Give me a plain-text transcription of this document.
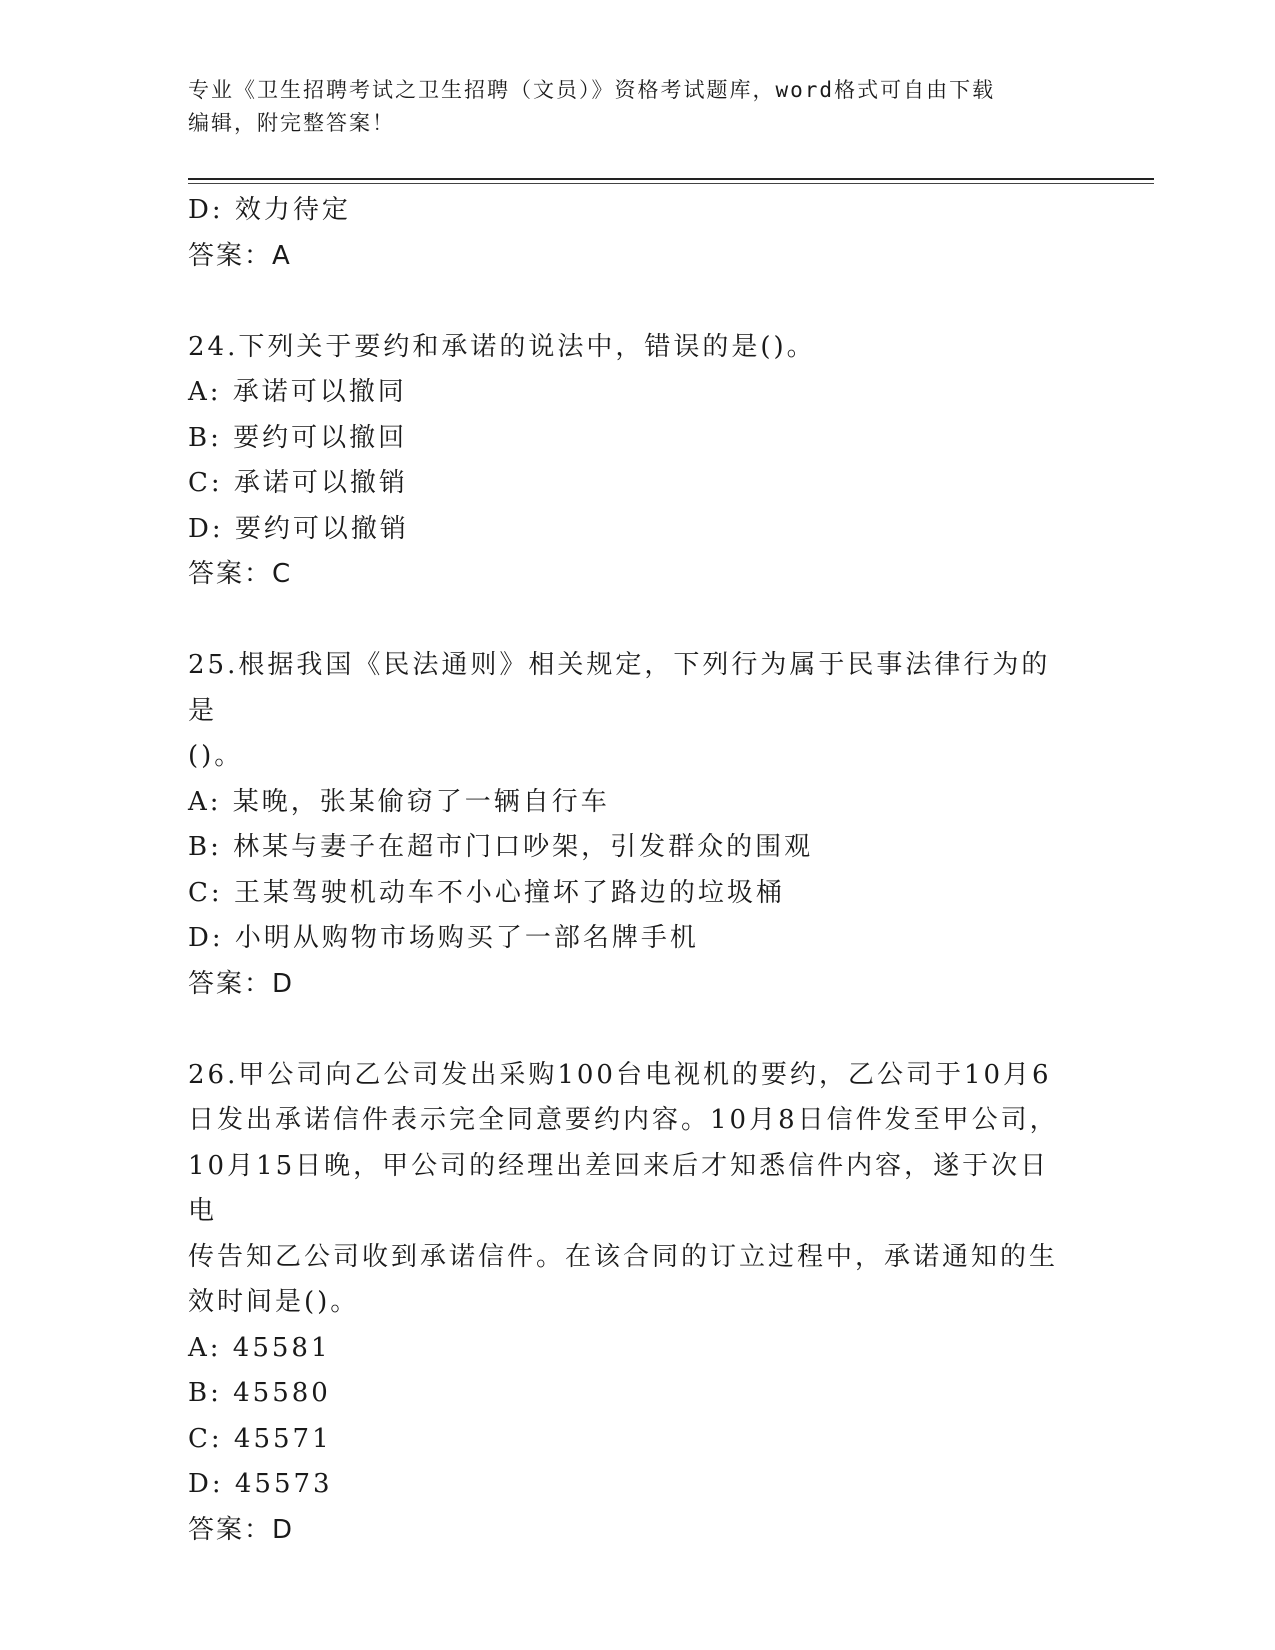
专业《卫生招聘考试之卫生招聘（文员）》资格考试题库，word格式可自由下载
编辑，附完整答案！
D: 效力待定
答案：A
24.下列关于要约和承诺的说法中，错误的是()。
A: 承诺可以撤同
B: 要约可以撤回
C: 承诺可以撤销
D: 要约可以撤销
答案：C
25.根据我国《民法通则》相关规定，下列行为属于民事法律行为的是
()。
A: 某晚，张某偷窃了一辆自行车
B: 林某与妻子在超市门口吵架，引发群众的围观
C: 王某驾驶机动车不小心撞坏了路边的垃圾桶
D: 小明从购物市场购买了一部名牌手机
答案：D
26.甲公司向乙公司发出采购100台电视机的要约，乙公司于10月6
日发出承诺信件表示完全同意要约内容。10月8日信件发至甲公司，
10月15日晚，甲公司的经理出差回来后才知悉信件内容，遂于次日电
传告知乙公司收到承诺信件。在该合同的订立过程中，承诺通知的生
效时间是()。
A: 45581
B: 45580
C: 45571
D: 45573
答案：D
